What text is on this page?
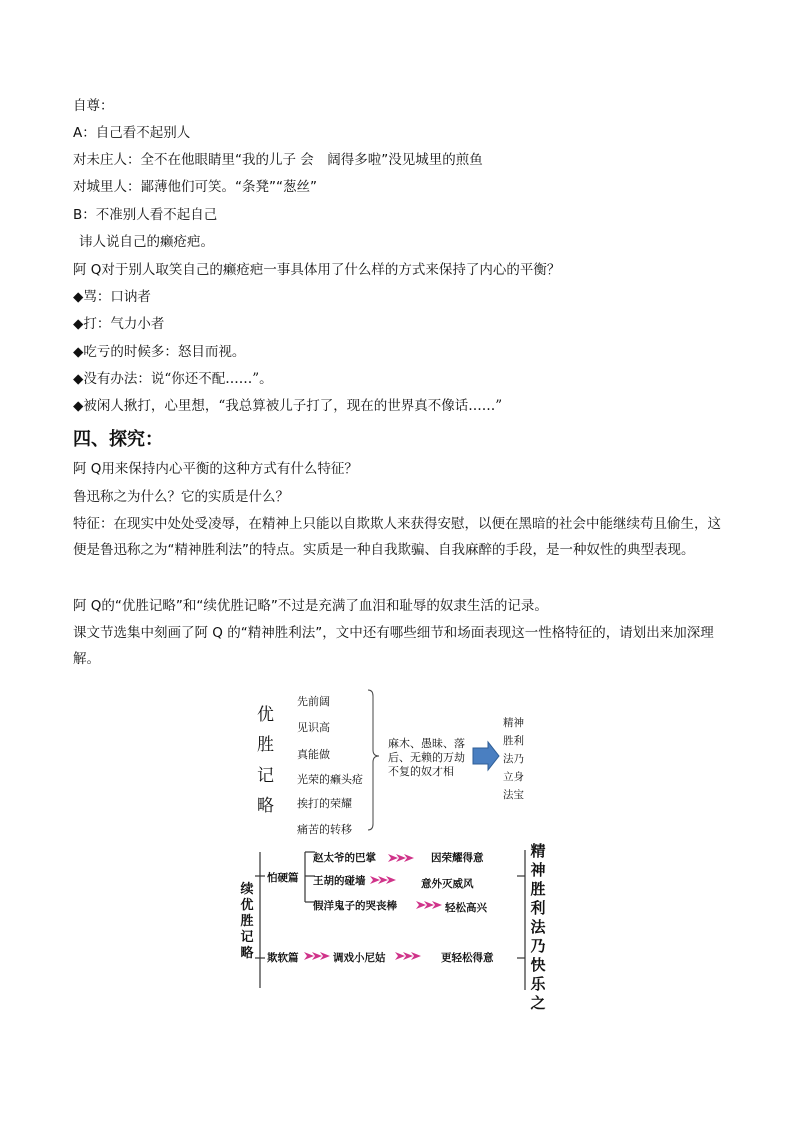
自尊：
A：自己看不起别人
对未庄人：全不在他眼睛里“我的儿子 会　阔得多啦”没见城里的煎鱼
对城里人：鄙薄他们可笑。“条凳”“葱丝”
B：不准别人看不起自己
讳人说自己的癞疮疤。
阿 Q对于别人取笑自己的癞疮疤一事具体用了什么样的方式来保持了内心的平衡？
◆骂：口讷者
◆打：气力小者
◆吃亏的时候多：怒目而视。
◆没有办法：说“你还不配……”。
◆被闲人揪打，心里想，“我总算被儿子打了，现在的世界真不像话……”
四、探究：
阿 Q用来保持内心平衡的这种方式有什么特征？
鲁迅称之为什么？它的实质是什么？
特征：在现实中处处受凌辱，在精神上只能以自欺欺人来获得安慰，以便在黑暗的社会中能继续苟且偷生，这便是鲁迅称之为“精神胜利法”的特点。实质是一种自我欺骗、自我麻醉的手段，是一种奴性的典型表现。
阿 Q的“优胜记略”和“续优胜记略”不过是充满了血泪和耻辱的奴隶生活的记录。
课文节选集中刻画了阿 Q 的“精神胜利法”，文中还有哪些细节和场面表现这一性格特征的，请划出来加深理解。
优
胜
记
略
先前阔
见识高
真能做
光荣的癞头疮
挨打的荣耀
痛苦的转移
麻木、愚昧、落后、无赖的万劫不复的奴才相
精神
胜利
法乃
立身
法宝
续
优
胜
记
略
怕硬篇
欺软篇
赵太爷的巴掌	因荣耀得意
王胡的碰墙	意外灭威风
假洋鬼子的哭丧棒	轻松高兴
调戏小尼姑	更轻松得意
精
神
胜
利
法
乃
快
乐
之
